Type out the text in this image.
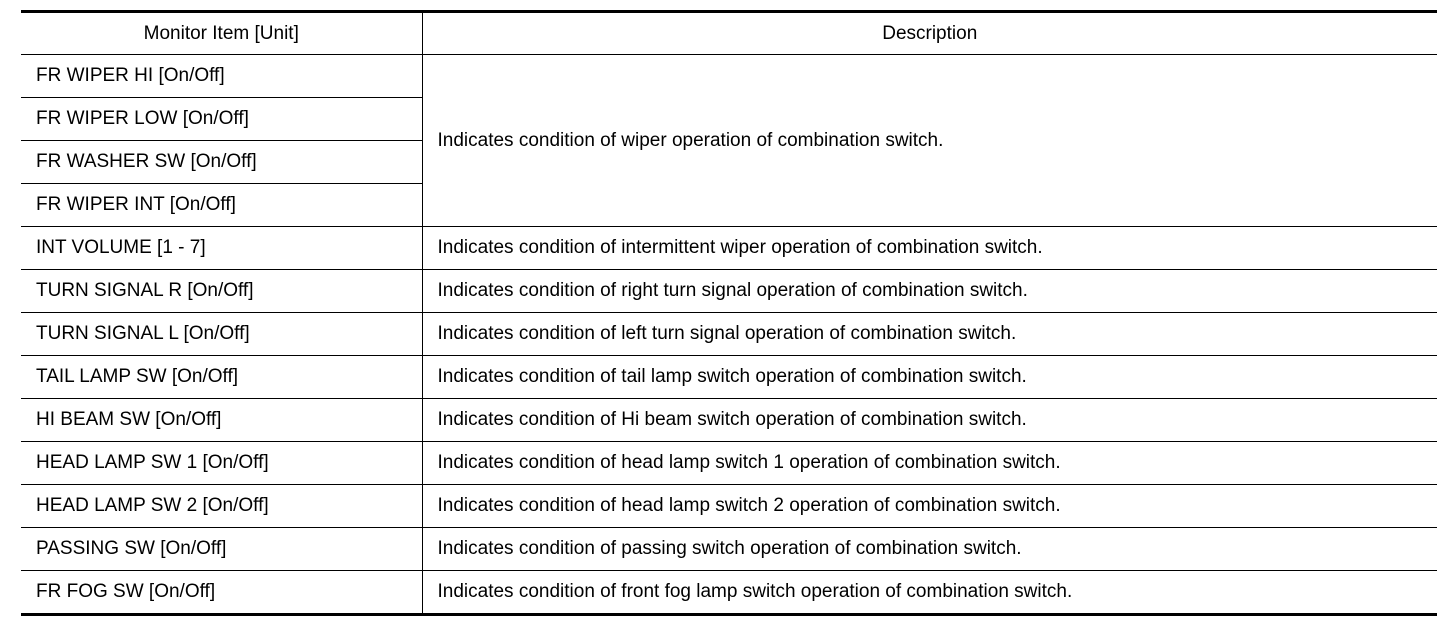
Monitor Item [Unit]	Description
FR WIPER HI [On/Off]	Indicates condition of wiper operation of combination switch.
FR WIPER LOW [On/Off]	
FR WASHER SW [On/Off]	
FR WIPER INT [On/Off]	
INT VOLUME [1 - 7]	Indicates condition of intermittent wiper operation of combination switch.
TURN SIGNAL R [On/Off]	Indicates condition of right turn signal operation of combination switch.
TURN SIGNAL L [On/Off]	Indicates condition of left turn signal operation of combination switch.
TAIL LAMP SW [On/Off]	Indicates condition of tail lamp switch operation of combination switch.
HI BEAM SW [On/Off]	Indicates condition of Hi beam switch operation of combination switch.
HEAD LAMP SW 1 [On/Off]	Indicates condition of head lamp switch 1 operation of combination switch.
HEAD LAMP SW 2 [On/Off]	Indicates condition of head lamp switch 2 operation of combination switch.
PASSING SW [On/Off]	Indicates condition of passing switch operation of combination switch.
FR FOG SW [On/Off]	Indicates condition of front fog lamp switch operation of combination switch.
